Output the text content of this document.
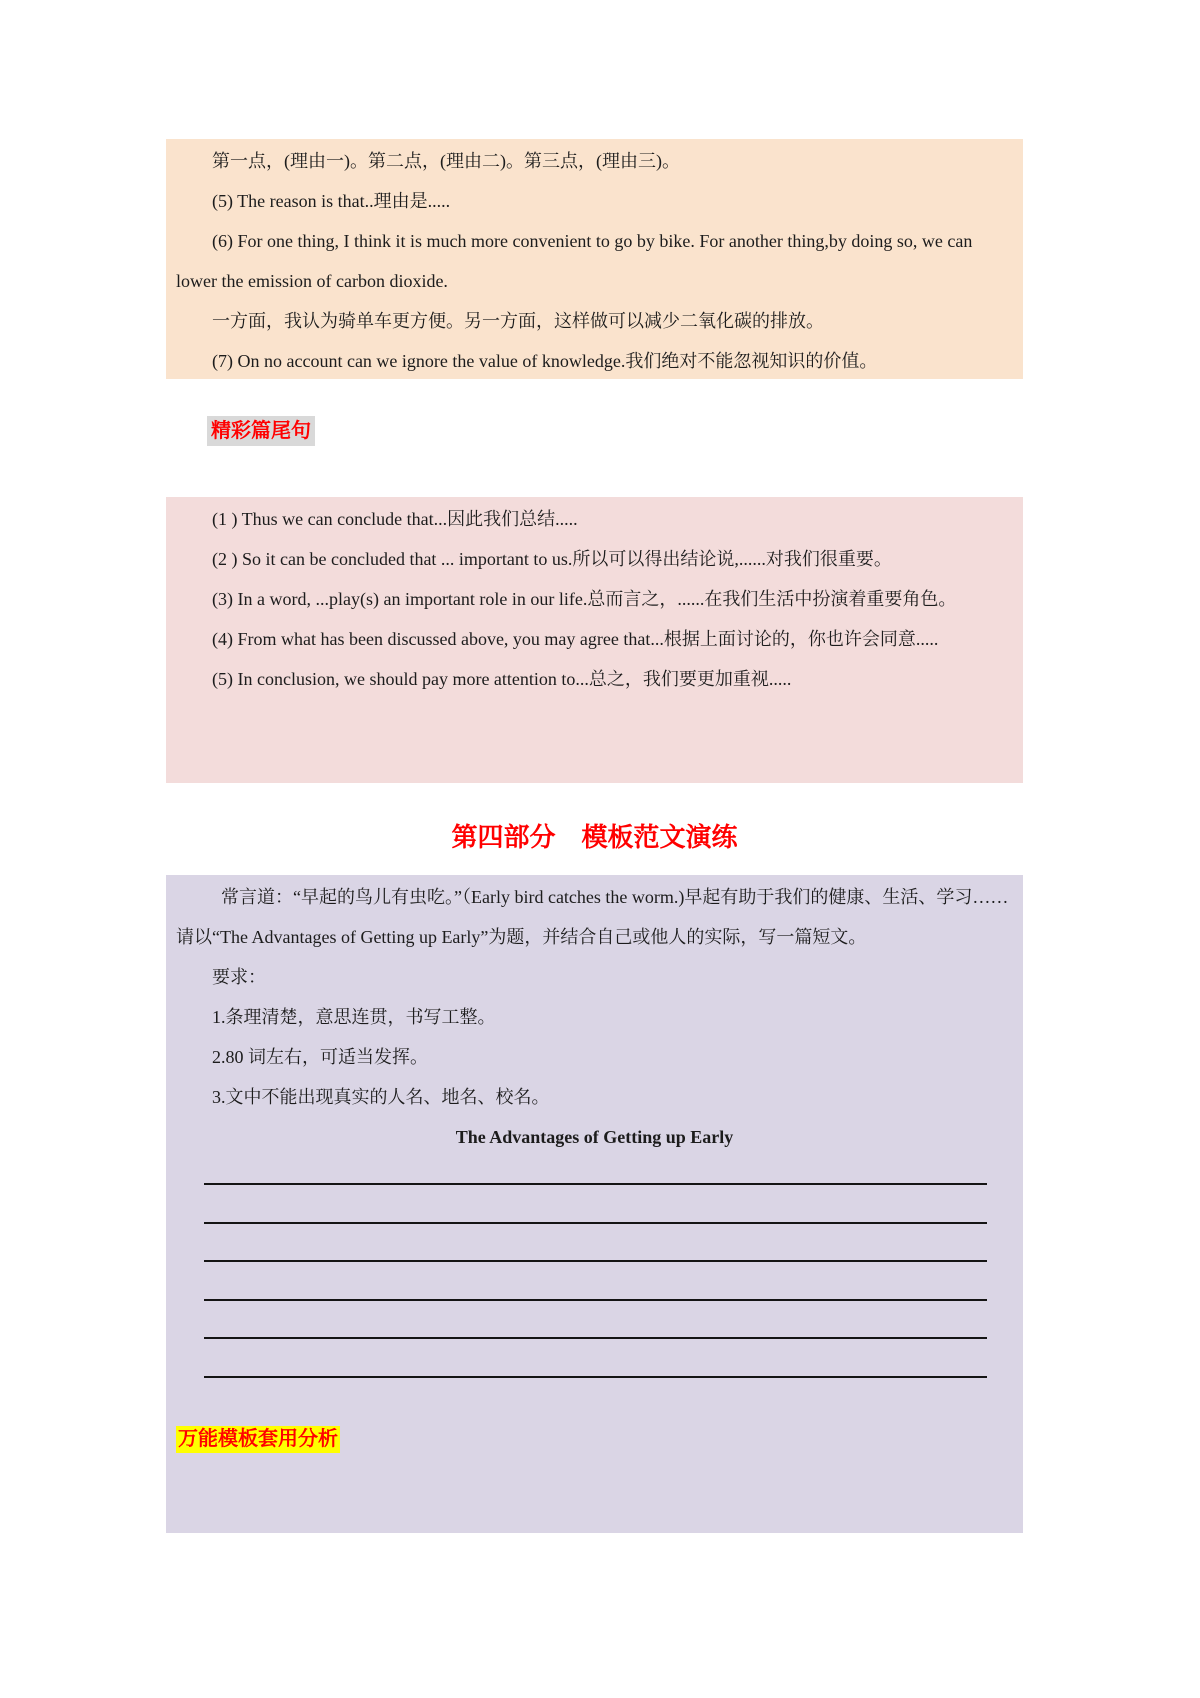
第一点，(理由一)。第二点，(理由二)。第三点，(理由三)。

(5) The reason is that..理由是.....

(6) For one thing, I think it is much more convenient to go by bike. For another thing,by doing so, we can lower the emission of carbon dioxide.

一方面，我认为骑单车更方便。另一方面，这样做可以减少二氧化碳的排放。

(7) On no account can we ignore the value of knowledge.我们绝对不能忽视知识的价值。

精彩篇尾句

(1 ) Thus we can conclude that...因此我们总结.....

(2 ) So it can be concluded that ... important to us.所以可以得出结论说,......对我们很重要。

(3) In a word, ...play(s) an important role in our life.总而言之，......在我们生活中扮演着重要角色。

(4) From what has been discussed above, you may agree that...根据上面讨论的，你也许会同意.....

(5) In conclusion, we should pay more attention to...总之，我们要更加重视.....

第四部分　模板范文演练

常言道：“早起的鸟儿有虫吃。”（Early bird catches the worm.)早起有助于我们的健康、生活、学习……请以“The Advantages of Getting up Early”为题，并结合自己或他人的实际，写一篇短文。

要求：

1.条理清楚，意思连贯，书写工整。

2.80 词左右，可适当发挥。

3.文中不能出现真实的人名、地名、校名。

The Advantages of Getting up Early

万能模板套用分析
